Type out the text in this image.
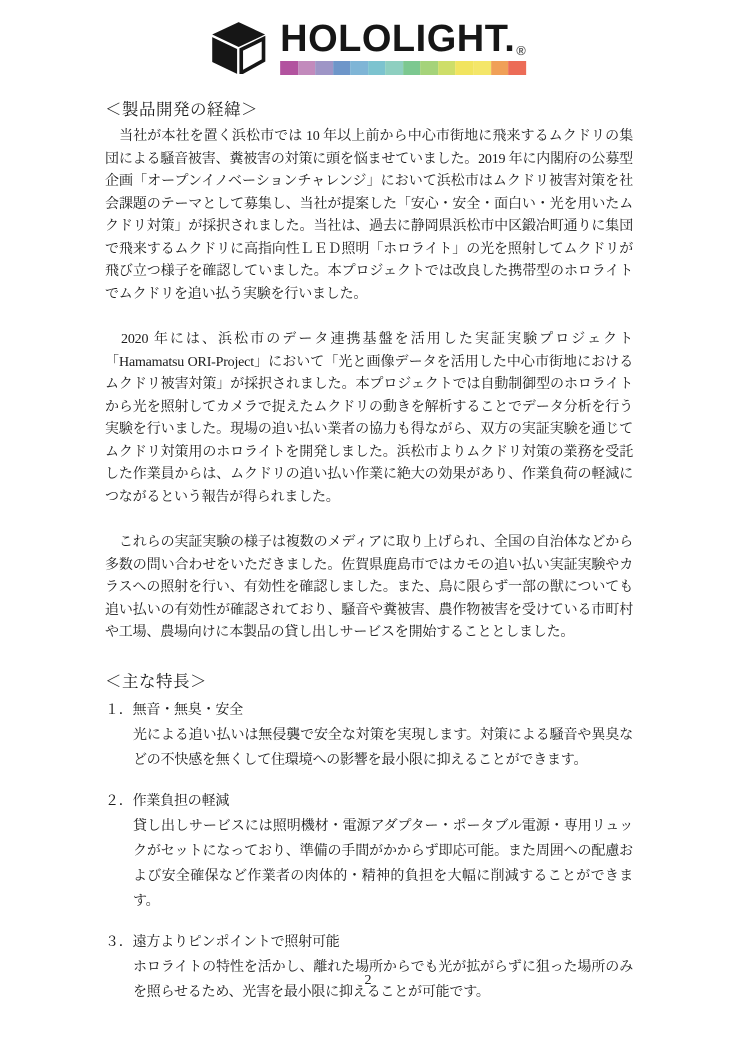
HOLOLIGHT.®
＜製品開発の経緯＞

　当社が本社を置く浜松市では 10 年以上前から中心市街地に飛来するムクドリの集団による騒音被害、糞被害の対策に頭を悩ませていました。2019 年に内閣府の公募型企画「オープンイノベーションチャレンジ」において浜松市はムクドリ被害対策を社会課題のテーマとして募集し、当社が提案した「安心・安全・面白い・光を用いたムクドリ対策」が採択されました。当社は、過去に静岡県浜松市中区鍛冶町通りに集団で飛来するムクドリに高指向性ＬＥＤ照明「ホロライト」の光を照射してムクドリが飛び立つ様子を確認していました。本プロジェクトでは改良した携帯型のホロライトでムクドリを追い払う実験を行いました。

　2020 年には、浜松市のデータ連携基盤を活用した実証実験プロジェクト「Hamamatsu ORI-Project」において「光と画像データを活用した中心市街地におけるムクドリ被害対策」が採択されました。本プロジェクトでは自動制御型のホロライトから光を照射してカメラで捉えたムクドリの動きを解析することでデータ分析を行う実験を行いました。現場の追い払い業者の協力も得ながら、双方の実証実験を通じてムクドリ対策用のホロライトを開発しました。浜松市よりムクドリ対策の業務を受託した作業員からは、ムクドリの追い払い作業に絶大の効果があり、作業負荷の軽減につながるという報告が得られました。

　これらの実証実験の様子は複数のメディアに取り上げられ、全国の自治体などから多数の問い合わせをいただきました。佐賀県鹿島市ではカモの追い払い実証実験やカラスへの照射を行い、有効性を確認しました。また、鳥に限らず一部の獣についても追い払いの有効性が確認されており、騒音や糞被害、農作物被害を受けている市町村や工場、農場向けに本製品の貸し出しサービスを開始することとしました。

＜主な特長＞

１．無音・無臭・安全

光による追い払いは無侵襲で安全な対策を実現します。対策による騒音や異臭などの不快感を無くして住環境への影響を最小限に抑えることができます。

２．作業負担の軽減

貸し出しサービスには照明機材・電源アダプター・ポータブル電源・専用リュックがセットになっており、準備の手間がかからず即応可能。また周囲への配慮および安全確保など作業者の肉体的・精神的負担を大幅に削減することができます。

３．遠方よりピンポイントで照射可能

ホロライトの特性を活かし、離れた場所からでも光が拡がらずに狙った場所のみを照らせるため、光害を最小限に抑えることが可能です。

2
